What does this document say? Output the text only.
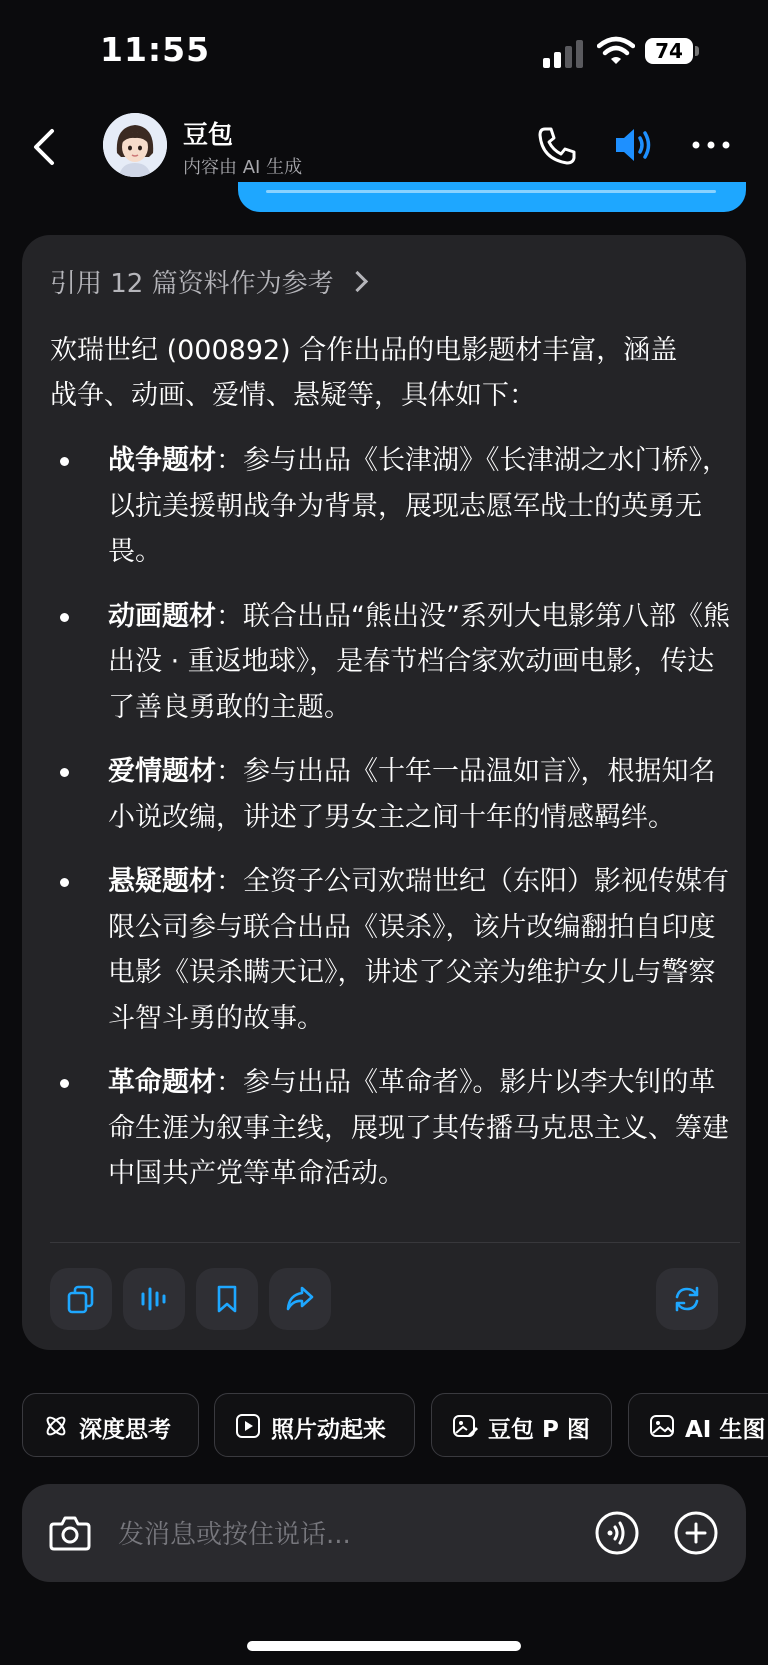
11:55	74
豆包
内容由 AI 生成
引用 12 篇资料作为参考
欢瑞世纪 (000892) 合作出品的电影题材丰富，涵盖战争、动画、爱情、悬疑等，具体如下：
战争题材：参与出品《长津湖》《长津湖之水门桥》，以抗美援朝战争为背景，展现志愿军战士的英勇无畏。
动画题材：联合出品“熊出没”系列大电影第八部《熊出没 · 重返地球》，是春节档合家欢动画电影，传达了善良勇敢的主题。
爱情题材：参与出品《十年一品温如言》，根据知名小说改编，讲述了男女主之间十年的情感羁绊。
悬疑题材：全资子公司欢瑞世纪（东阳）影视传媒有限公司参与联合出品《误杀》，该片改编翻拍自印度电影《误杀瞒天记》，讲述了父亲为维护女儿与警察斗智斗勇的故事。
革命题材：参与出品《革命者》。影片以李大钊的革命生涯为叙事主线，展现了其传播马克思主义、筹建中国共产党等革命活动。
深度思考	照片动起来	豆包 P 图	AI 生图
发消息或按住说话...
